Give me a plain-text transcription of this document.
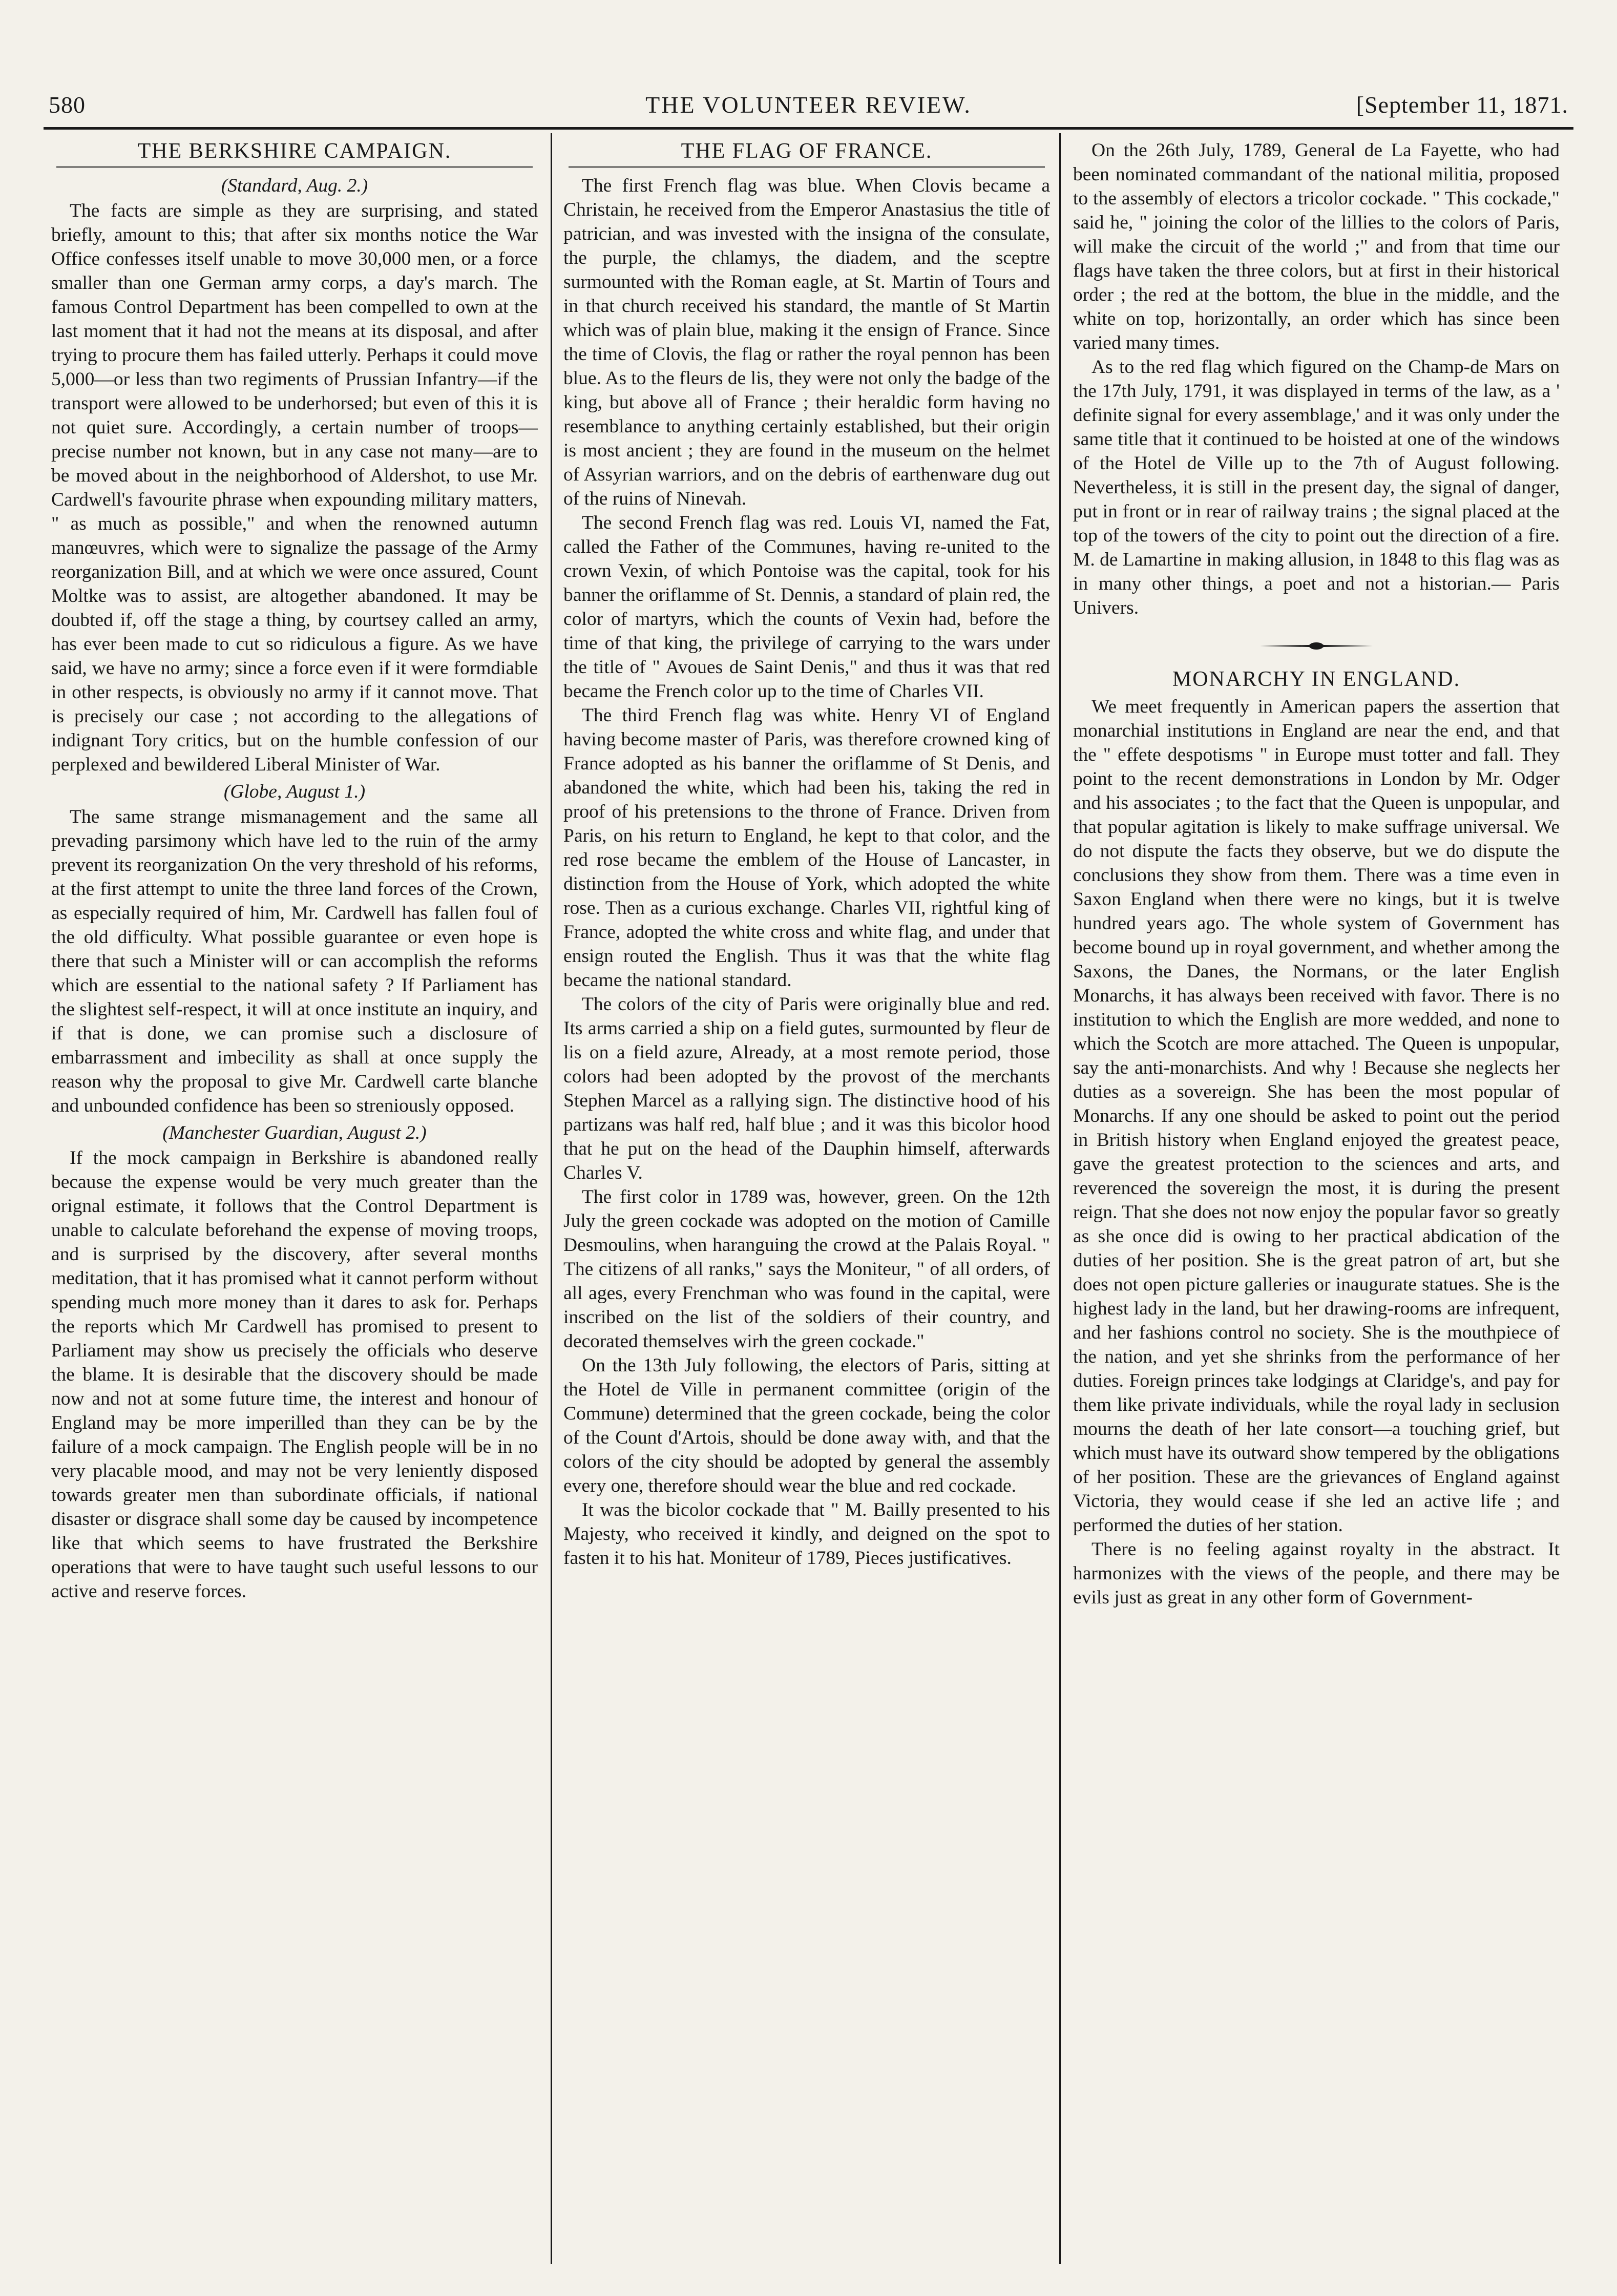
580	THE VOLUNTEER REVIEW.	[September 11, 1871.
THE BERKSHIRE CAMPAIGN.
(Standard, Aug. 2.)

The facts are simple as they are surprising, and stated briefly, amount to this; that after six months notice the War Office confesses itself unable to move 30,000 men, or a force smaller than one German army corps, a day's march. The famous Control Department has been compelled to own at the last moment that it had not the means at its disposal, and after trying to procure them has failed utterly. Perhaps it could move 5,000—or less than two regiments of Prussian Infantry—if the transport were allowed to be underhorsed; but even of this it is not quiet sure. Accordingly, a certain number of troops—precise number not known, but in any case not many—are to be moved about in the neighborhood of Aldershot, to use Mr. Cardwell's favourite phrase when expounding military matters, " as much as possible," and when the renowned autumn manœuvres, which were to signalize the passage of the Army reorganization Bill, and at which we were once assured, Count Moltke was to assist, are altogether abandoned. It may be doubted if, off the stage a thing, by courtsey called an army, has ever been made to cut so ridiculous a figure. As we have said, we have no army; since a force even if it were formdiable in other respects, is obviously no army if it cannot move. That is precisely our case ; not according to the allegations of indignant Tory critics, but on the humble confession of our perplexed and bewildered Liberal Minister of War.

(Globe, August 1.)

The same strange mismanagement and the same all prevading parsimony which have led to the ruin of the army prevent its reorganization On the very threshold of his reforms, at the first attempt to unite the three land forces of the Crown, as especially required of him, Mr. Cardwell has fallen foul of the old difficulty. What possible guarantee or even hope is there that such a Minister will or can accomplish the reforms which are essential to the national safety ? If Parliament has the slightest self-respect, it will at once institute an inquiry, and if that is done, we can promise such a disclosure of embarrassment and imbecility as shall at once supply the reason why the proposal to give Mr. Cardwell carte blanche and unbounded confidence has been so streniously opposed.

(Manchester Guardian, August 2.)

If the mock campaign in Berkshire is abandoned really because the expense would be very much greater than the orignal estimate, it follows that the Control Department is unable to calculate beforehand the expense of moving troops, and is surprised by the discovery, after several months meditation, that it has promised what it cannot perform without spending much more money than it dares to ask for. Perhaps the reports which Mr Cardwell has promised to present to Parliament may show us precisely the officials who deserve the blame. It is desirable that the discovery should be made now and not at some future time, the interest and honour of England may be more imperilled than they can be by the failure of a mock campaign. The English people will be in no very placable mood, and may not be very leniently disposed towards greater men than subordinate officials, if national disaster or disgrace shall some day be caused by incompetence like that which seems to have frustrated the Berkshire operations that were to have taught such useful lessons to our active and reserve forces.

THE FLAG OF FRANCE.

The first French flag was blue. When Clovis became a Christain, he received from the Emperor Anastasius the title of patrician, and was invested with the insigna of the consulate, the purple, the chlamys, the diadem, and the sceptre surmounted with the Roman eagle, at St. Martin of Tours and in that church received his standard, the mantle of St Martin which was of plain blue, making it the ensign of France. Since the time of Clovis, the flag or rather the royal pennon has been blue. As to the fleurs de lis, they were not only the badge of the king, but above all of France ; their heraldic form having no resemblance to anything certainly established, but their origin is most ancient ; they are found in the museum on the helmet of Assyrian warriors, and on the debris of earthenware dug out of the ruins of Ninevah.

The second French flag was red. Louis VI, named the Fat, called the Father of the Communes, having re-united to the crown Vexin, of which Pontoise was the capital, took for his banner the oriflamme of St. Dennis, a standard of plain red, the color of martyrs, which the counts of Vexin had, before the time of that king, the privilege of carrying to the wars under the title of " Avoues de Saint Denis," and thus it was that red became the French color up to the time of Charles VII.

The third French flag was white. Henry VI of England having become master of Paris, was therefore crowned king of France adopted as his banner the oriflamme of St Denis, and abandoned the white, which had been his, taking the red in proof of his pretensions to the throne of France. Driven from Paris, on his return to England, he kept to that color, and the red rose became the emblem of the House of Lancaster, in distinction from the House of York, which adopted the white rose. Then as a curious exchange. Charles VII, rightful king of France, adopted the white cross and white flag, and under that ensign routed the English. Thus it was that the white flag became the national standard.

The colors of the city of Paris were originally blue and red. Its arms carried a ship on a field gutes, surmounted by fleur de lis on a field azure, Already, at a most remote period, those colors had been adopted by the provost of the merchants Stephen Marcel as a rallying sign. The distinctive hood of his partizans was half red, half blue ; and it was this bicolor hood that he put on the head of the Dauphin himself, afterwards Charles V.

The first color in 1789 was, however, green. On the 12th July the green cockade was adopted on the motion of Camille Desmoulins, when haranguing the crowd at the Palais Royal. " The citizens of all ranks," says the Moniteur, " of all orders, of all ages, every Frenchman who was found in the capital, were inscribed on the list of the soldiers of their country, and decorated themselves wirh the green cockade."

On the 13th July following, the electors of Paris, sitting at the Hotel de Ville in permanent committee (origin of the Commune) determined that the green cockade, being the color of the Count d'Artois, should be done away with, and that the colors of the city should be adopted by general the assembly every one, therefore should wear the blue and red cockade.

It was the bicolor cockade that " M. Bailly presented to his Majesty, who received it kindly, and deigned on the spot to fasten it to his hat. Moniteur of 1789, Pieces justificatives.

On the 26th July, 1789, General de La Fayette, who had been nominated commandant of the national militia, proposed to the assembly of electors a tricolor cockade. " This cockade," said he, " joining the color of the lillies to the colors of Paris, will make the circuit of the world ;" and from that time our flags have taken the three colors, but at first in their historical order ; the red at the bottom, the blue in the middle, and the white on top, horizontally, an order which has since been varied many times.

As to the red flag which figured on the Champ-de Mars on the 17th July, 1791, it was displayed in terms of the law, as a ' definite signal for every assemblage,' and it was only under the same title that it continued to be hoisted at one of the windows of the Hotel de Ville up to the 7th of August following. Nevertheless, it is still in the present day, the signal of danger, put in front or in rear of railway trains ; the signal placed at the top of the towers of the city to point out the direction of a fire. M. de Lamartine in making allusion, in 1848 to this flag was as in many other things, a poet and not a historian.— Paris Univers.

MONARCHY IN ENGLAND.

We meet frequently in American papers the assertion that monarchial institutions in England are near the end, and that the " effete despotisms " in Europe must totter and fall. They point to the recent demonstrations in London by Mr. Odger and his associates ; to the fact that the Queen is unpopular, and that popular agitation is likely to make suffrage universal. We do not dispute the facts they observe, but we do dispute the conclusions they show from them. There was a time even in Saxon England when there were no kings, but it is twelve hundred years ago. The whole system of Government has become bound up in royal government, and whether among the Saxons, the Danes, the Normans, or the later English Monarchs, it has always been received with favor. There is no institution to which the English are more wedded, and none to which the Scotch are more attached. The Queen is unpopular, say the anti-monarchists. And why ! Because she neglects her duties as a sovereign. She has been the most popular of Monarchs. If any one should be asked to point out the period in British history when England enjoyed the greatest peace, gave the greatest protection to the sciences and arts, and reverenced the sovereign the most, it is during the present reign. That she does not now enjoy the popular favor so greatly as she once did is owing to her practical abdication of the duties of her position. She is the great patron of art, but she does not open picture galleries or inaugurate statues. She is the highest lady in the land, but her drawing-rooms are infrequent, and her fashions control no society. She is the mouthpiece of the nation, and yet she shrinks from the performance of her duties. Foreign princes take lodgings at Claridge's, and pay for them like private individuals, while the royal lady in seclusion mourns the death of her late consort—a touching grief, but which must have its outward show tempered by the obligations of her position. These are the grievances of England against Victoria, they would cease if she led an active life ; and performed the duties of her station.

There is no feeling against royalty in the abstract. It harmonizes with the views of the people, and there may be evils just as great in any other form of Government-
